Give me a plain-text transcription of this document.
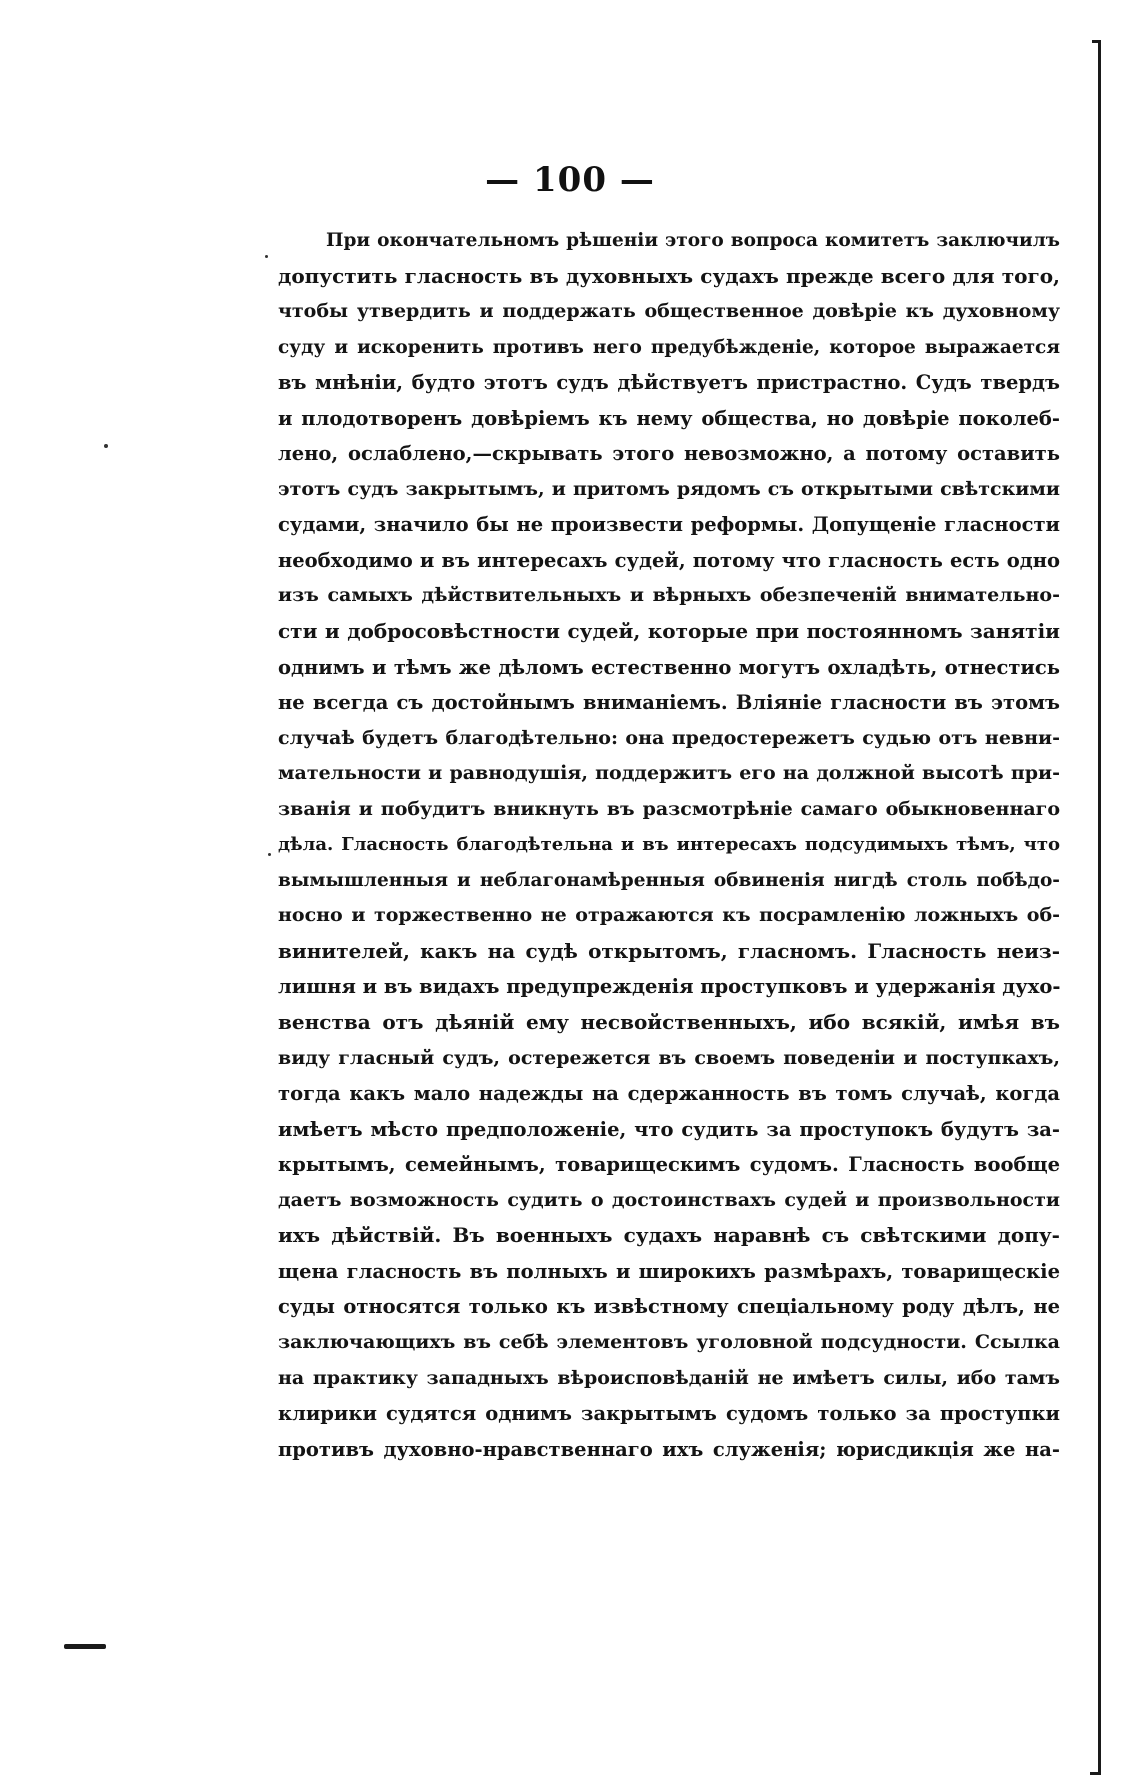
— 100 —
При окончательномъ рѣшеніи этого вопроса комитетъ заключилъ
допустить гласность въ духовныхъ судахъ прежде всего для того,
чтобы утвердить и поддержать общественное довѣріе къ духовному
суду и искоренить противъ него предубѣжденіе, которое выражается
въ мнѣніи, будто этотъ судъ дѣйствуетъ пристрастно. Судъ твердъ
и плодотворенъ довѣріемъ къ нему общества, но довѣріе поколеб-
лено, ослаблено,—скрывать этого невозможно, а потому оставить
этотъ судъ закрытымъ, и притомъ рядомъ съ открытыми свѣтскими
судами, значило бы не произвести реформы. Допущеніе гласности
необходимо и въ интересахъ судей, потому что гласность есть одно
изъ самыхъ дѣйствительныхъ и вѣрныхъ обезпеченій внимательно-
сти и добросовѣстности судей, которые при постоянномъ занятіи
однимъ и тѣмъ же дѣломъ естественно могутъ охладѣть, отнестись
не всегда съ достойнымъ вниманіемъ. Вліяніе гласности въ этомъ
случаѣ будетъ благодѣтельно: она предостережетъ судью отъ невни-
мательности и равнодушія, поддержитъ его на должной высотѣ при-
званія и побудитъ вникнуть въ разсмотрѣніе самаго обыкновеннаго
дѣла. Гласность благодѣтельна и въ интересахъ подсудимыхъ тѣмъ, что
вымышленныя и неблагонамѣренныя обвиненія нигдѣ столь побѣдо-
носно и торжественно не отражаются къ посрамленію ложныхъ об-
винителей, какъ на судѣ открытомъ, гласномъ. Гласность неиз-
лишня и въ видахъ предупрежденія проступковъ и удержанія духо-
венства отъ дѣяній ему несвойственныхъ, ибо всякій, имѣя въ
виду гласный судъ, остережется въ своемъ поведеніи и поступкахъ,
тогда какъ мало надежды на сдержанность въ томъ случаѣ, когда
имѣетъ мѣсто предположеніе, что судить за проступокъ будутъ за-
крытымъ, семейнымъ, товарищескимъ судомъ. Гласность вообще
даетъ возможность судить о достоинствахъ судей и произвольности
ихъ дѣйствій. Въ военныхъ судахъ наравнѣ съ свѣтскими допу-
щена гласность въ полныхъ и широкихъ размѣрахъ, товарищескіе
суды относятся только къ извѣстному спеціальному роду дѣлъ, не
заключающихъ въ себѣ элементовъ уголовной подсудности. Ссылка
на практику западныхъ вѣроисповѣданій не имѣетъ силы, ибо тамъ
клирики судятся однимъ закрытымъ судомъ только за проступки
противъ духовно-нравственнаго ихъ служенія; юрисдикція же на-
